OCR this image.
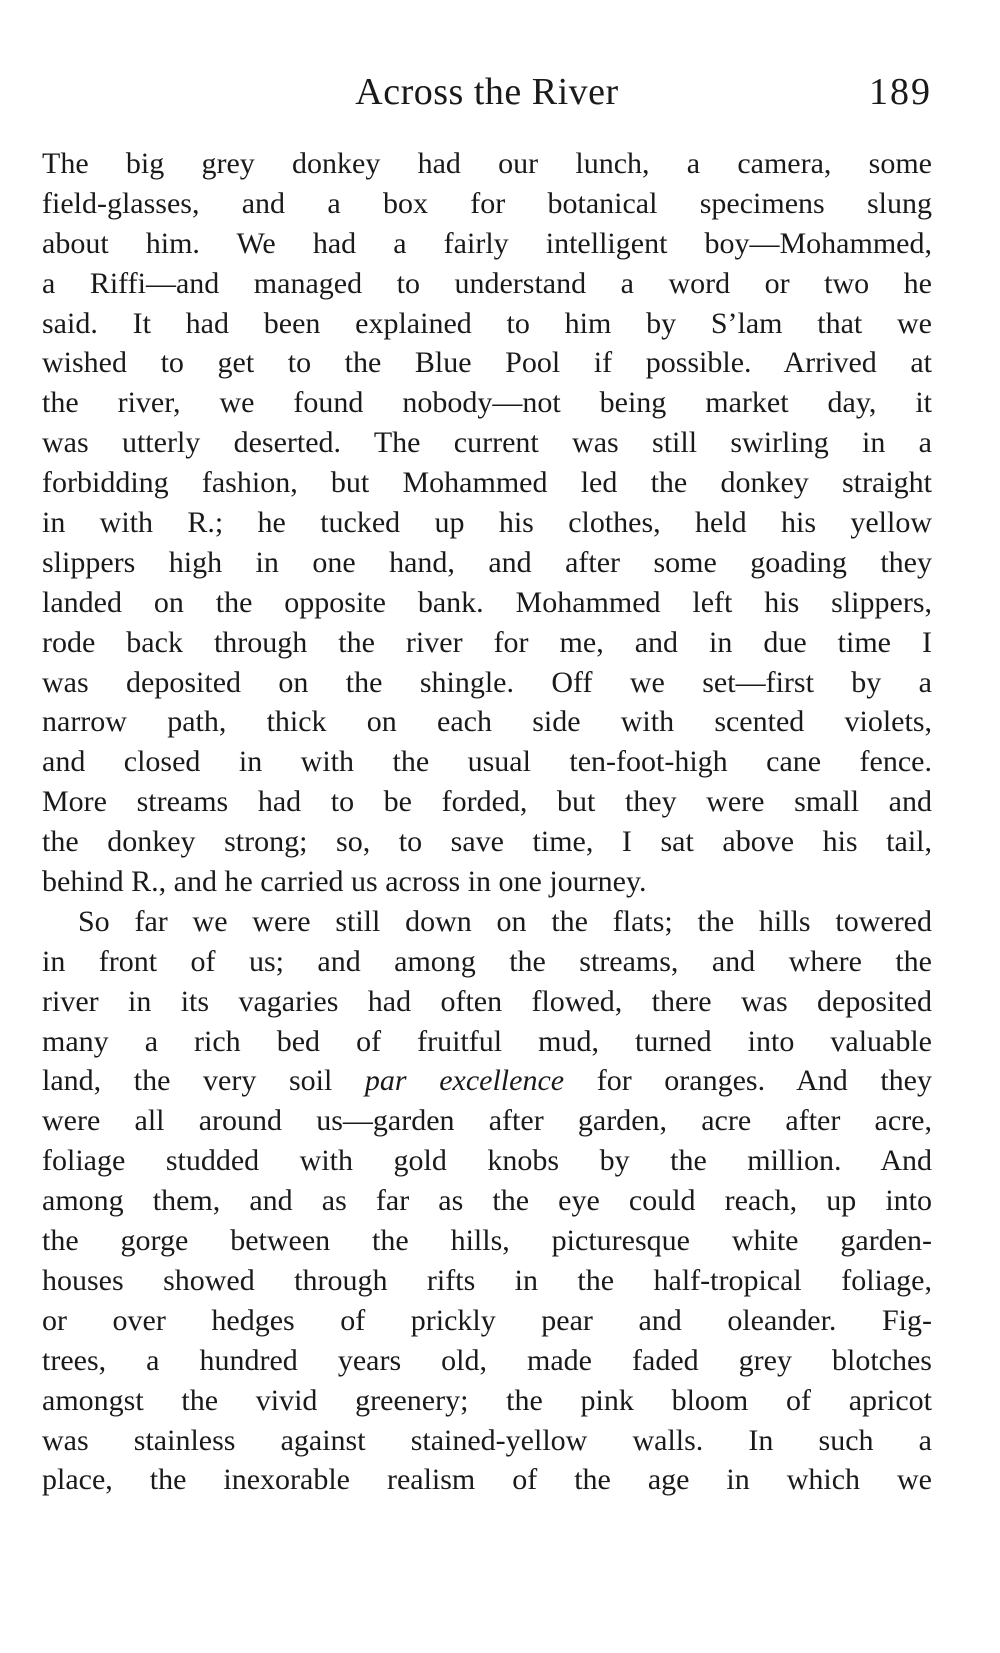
Across the River	189
The big grey donkey had our lunch, a camera, some
field-glasses, and a box for botanical specimens slung
about him. We had a fairly intelligent boy—Mohammed,
a Riffi—and managed to understand a word or two he
said. It had been explained to him by S’lam that we
wished to get to the Blue Pool if possible. Arrived at
the river, we found nobody—not being market day, it
was utterly deserted. The current was still swirling in a
forbidding fashion, but Mohammed led the donkey straight
in with R.; he tucked up his clothes, held his yellow
slippers high in one hand, and after some goading they
landed on the opposite bank. Mohammed left his slippers,
rode back through the river for me, and in due time I
was deposited on the shingle. Off we set—first by a
narrow path, thick on each side with scented violets,
and closed in with the usual ten-foot-high cane fence.
More streams had to be forded, but they were small and
the donkey strong; so, to save time, I sat above his tail,
behind R., and he carried us across in one journey.
So far we were still down on the flats; the hills towered
in front of us; and among the streams, and where the
river in its vagaries had often flowed, there was deposited
many a rich bed of fruitful mud, turned into valuable
land, the very soil par excellence for oranges. And they
were all around us—garden after garden, acre after acre,
foliage studded with gold knobs by the million. And
among them, and as far as the eye could reach, up into
the gorge between the hills, picturesque white garden-
houses showed through rifts in the half-tropical foliage,
or over hedges of prickly pear and oleander. Fig-
trees, a hundred years old, made faded grey blotches
amongst the vivid greenery; the pink bloom of apricot
was stainless against stained-yellow walls. In such a
place, the inexorable realism of the age in which we
